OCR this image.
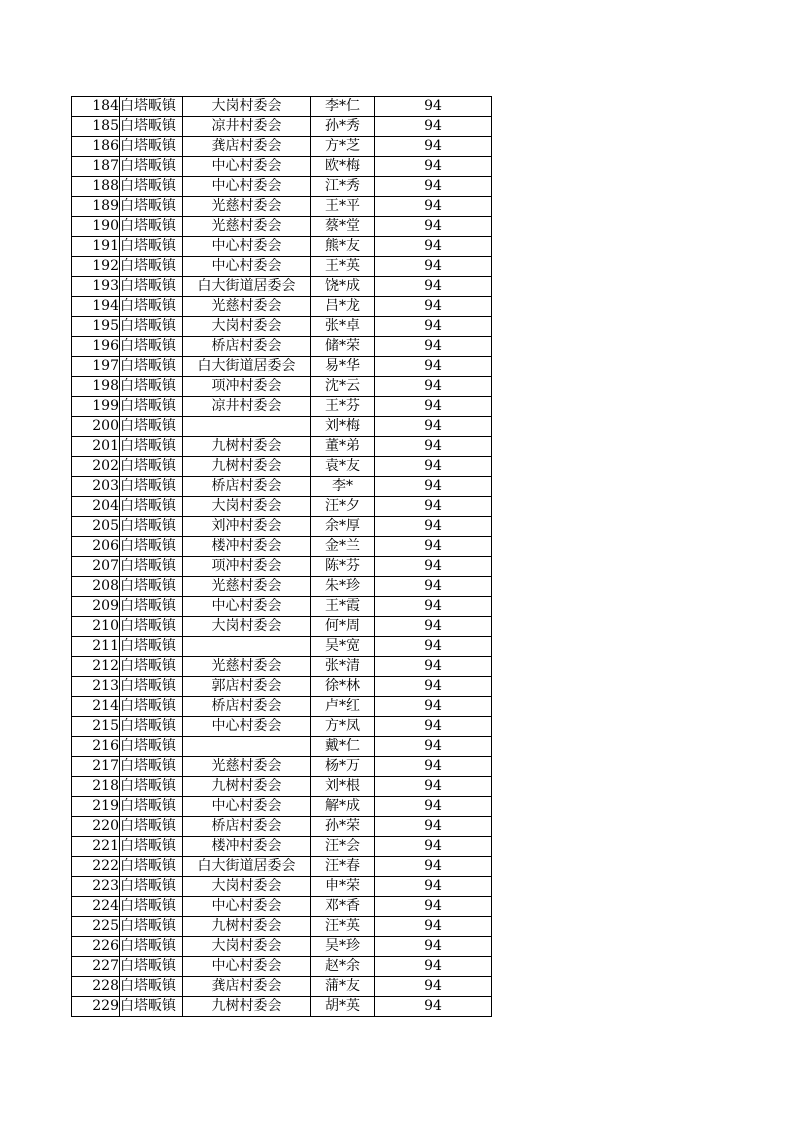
184	白塔畈镇	大岗村委会	李*仁	94
185	白塔畈镇	凉井村委会	孙*秀	94
186	白塔畈镇	龚店村委会	方*芝	94
187	白塔畈镇	中心村委会	欧*梅	94
188	白塔畈镇	中心村委会	江*秀	94
189	白塔畈镇	光慈村委会	王*平	94
190	白塔畈镇	光慈村委会	蔡*堂	94
191	白塔畈镇	中心村委会	熊*友	94
192	白塔畈镇	中心村委会	王*英	94
193	白塔畈镇	白大街道居委会	饶*成	94
194	白塔畈镇	光慈村委会	吕*龙	94
195	白塔畈镇	大岗村委会	张*卓	94
196	白塔畈镇	桥店村委会	储*荣	94
197	白塔畈镇	白大街道居委会	易*华	94
198	白塔畈镇	项冲村委会	沈*云	94
199	白塔畈镇	凉井村委会	王*芬	94
200	白塔畈镇		刘*梅	94
201	白塔畈镇	九树村委会	董*弟	94
202	白塔畈镇	九树村委会	袁*友	94
203	白塔畈镇	桥店村委会	李*	94
204	白塔畈镇	大岗村委会	汪*夕	94
205	白塔畈镇	刘冲村委会	余*厚	94
206	白塔畈镇	楼冲村委会	金*兰	94
207	白塔畈镇	项冲村委会	陈*芬	94
208	白塔畈镇	光慈村委会	朱*珍	94
209	白塔畈镇	中心村委会	王*霞	94
210	白塔畈镇	大岗村委会	何*周	94
211	白塔畈镇		吴*宽	94
212	白塔畈镇	光慈村委会	张*清	94
213	白塔畈镇	郭店村委会	徐*林	94
214	白塔畈镇	桥店村委会	卢*红	94
215	白塔畈镇	中心村委会	方*凤	94
216	白塔畈镇		戴*仁	94
217	白塔畈镇	光慈村委会	杨*万	94
218	白塔畈镇	九树村委会	刘*根	94
219	白塔畈镇	中心村委会	解*成	94
220	白塔畈镇	桥店村委会	孙*荣	94
221	白塔畈镇	楼冲村委会	汪*会	94
222	白塔畈镇	白大街道居委会	汪*春	94
223	白塔畈镇	大岗村委会	申*荣	94
224	白塔畈镇	中心村委会	邓*香	94
225	白塔畈镇	九树村委会	汪*英	94
226	白塔畈镇	大岗村委会	吴*珍	94
227	白塔畈镇	中心村委会	赵*余	94
228	白塔畈镇	龚店村委会	蒲*友	94
229	白塔畈镇	九树村委会	胡*英	94
